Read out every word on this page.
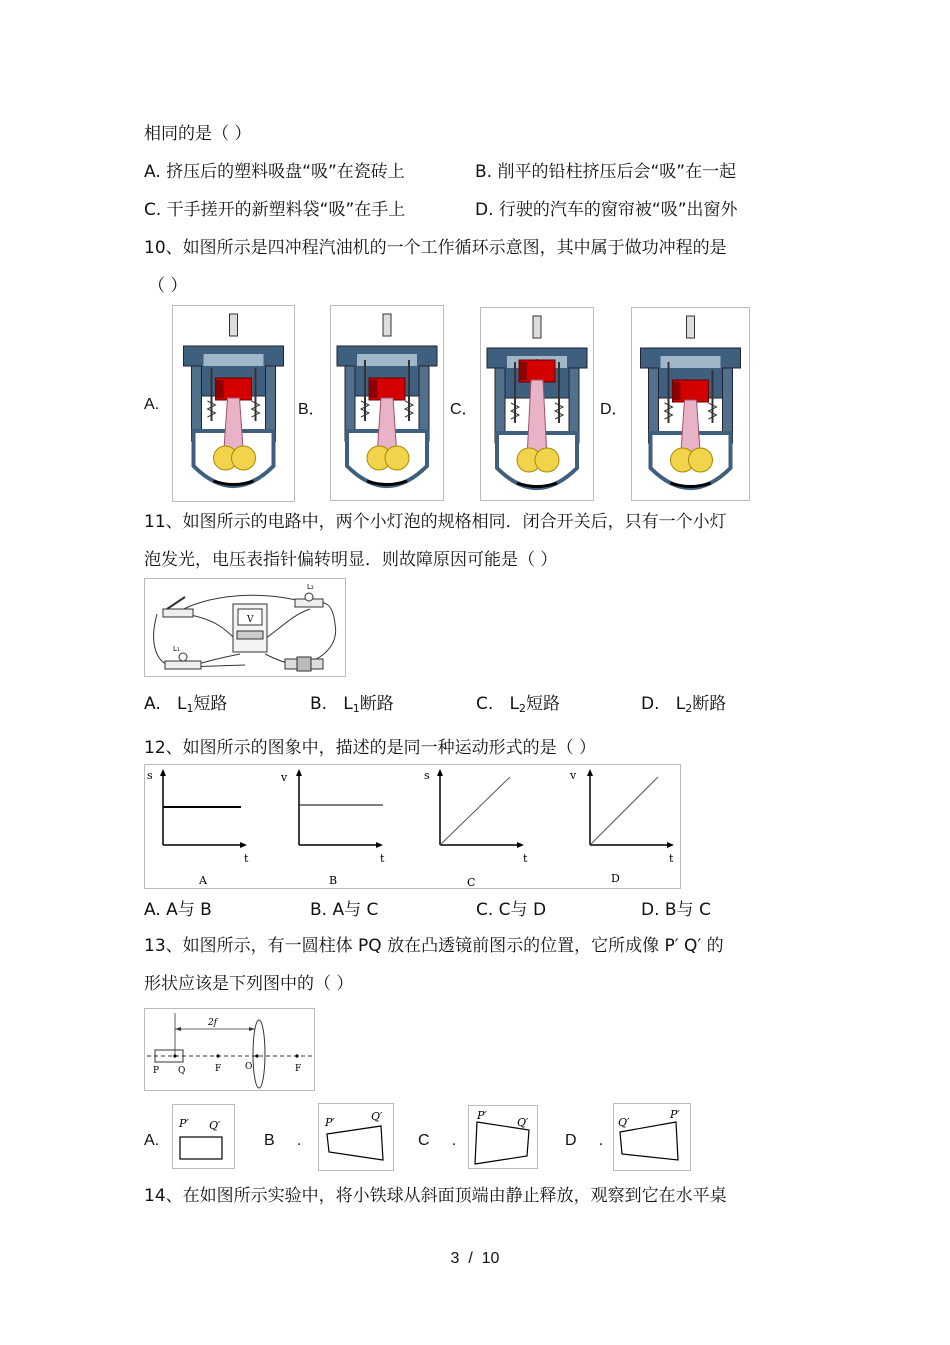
相同的是（ ）
A. 挤压后的塑料吸盘“吸”在瓷砖上	B. 削平的铅柱挤压后会“吸”在一起
C. 干手搓开的新塑料袋“吸”在手上	D. 行驶的汽车的窗帘被“吸”出窗外
10、如图所示是四冲程汽油机的一个工作循环示意图，其中属于做功冲程的是
（ ）
A.	B．	C．	D．
11、如图所示的电路中，两个小灯泡的规格相同．闭合开关后，只有一个小灯
泡发光，电压表指针偏转明显．则故障原因可能是（ ）
V
L₂
L₁
A. $L_1$短路	B. $L_1$断路	C. $L_2$短路	D. $L_2$断路
12、如图所示的图象中，描述的是同一种运动形式的是（ ）
s
t
A
v
t
B
s
t
C
v
t
D
A. A与 B	B. A与 C	C. C与 D	D. B与 C
13、如图所示，有一圆柱体 PQ 放在凸透镜前图示的位置，它所成像 P′ Q′ 的
形状应该是下列图中的（ ）
2f
P Q	F	O	F
A.	B     .	C     .	D     .
P′ Q′	P′	Q′	P′
Q′	Q′
P′
14、在如图所示实验中，将小铁球从斜面顶端由静止释放，观察到它在水平桌
3  /  10
